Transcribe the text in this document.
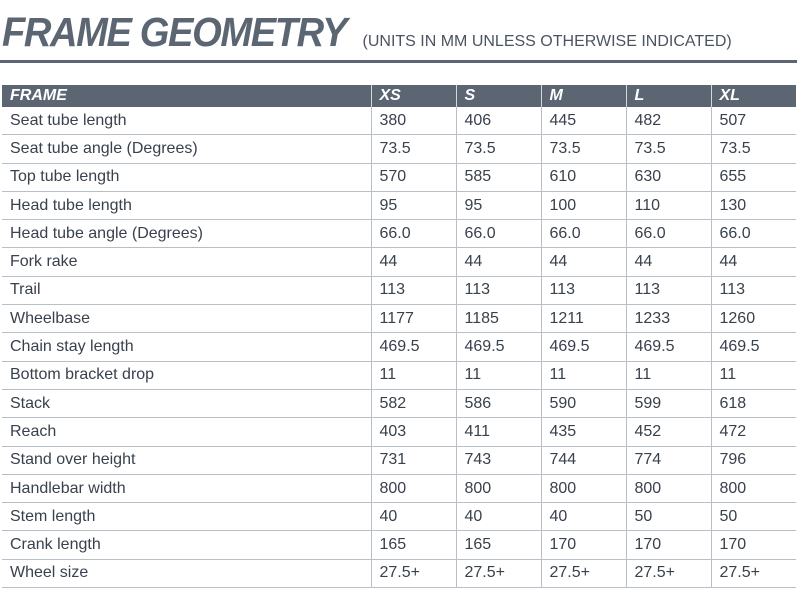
FRAME GEOMETRY (UNITS IN MM UNLESS OTHERWISE INDICATED)
FRAME	XS	S	M	L	XL
Seat tube length	380	406	445	482	507
Seat tube angle (Degrees)	73.5	73.5	73.5	73.5	73.5
Top tube length	570	585	610	630	655
Head tube length	95	95	100	110	130
Head tube angle (Degrees)	66.0	66.0	66.0	66.0	66.0
Fork rake	44	44	44	44	44
Trail	113	113	113	113	113
Wheelbase	1177	1185	1211	1233	1260
Chain stay length	469.5	469.5	469.5	469.5	469.5
Bottom bracket drop	11	11	11	11	11
Stack	582	586	590	599	618
Reach	403	411	435	452	472
Stand over height	731	743	744	774	796
Handlebar width	800	800	800	800	800
Stem length	40	40	40	50	50
Crank length	165	165	170	170	170
Wheel size	27.5+	27.5+	27.5+	27.5+	27.5+
